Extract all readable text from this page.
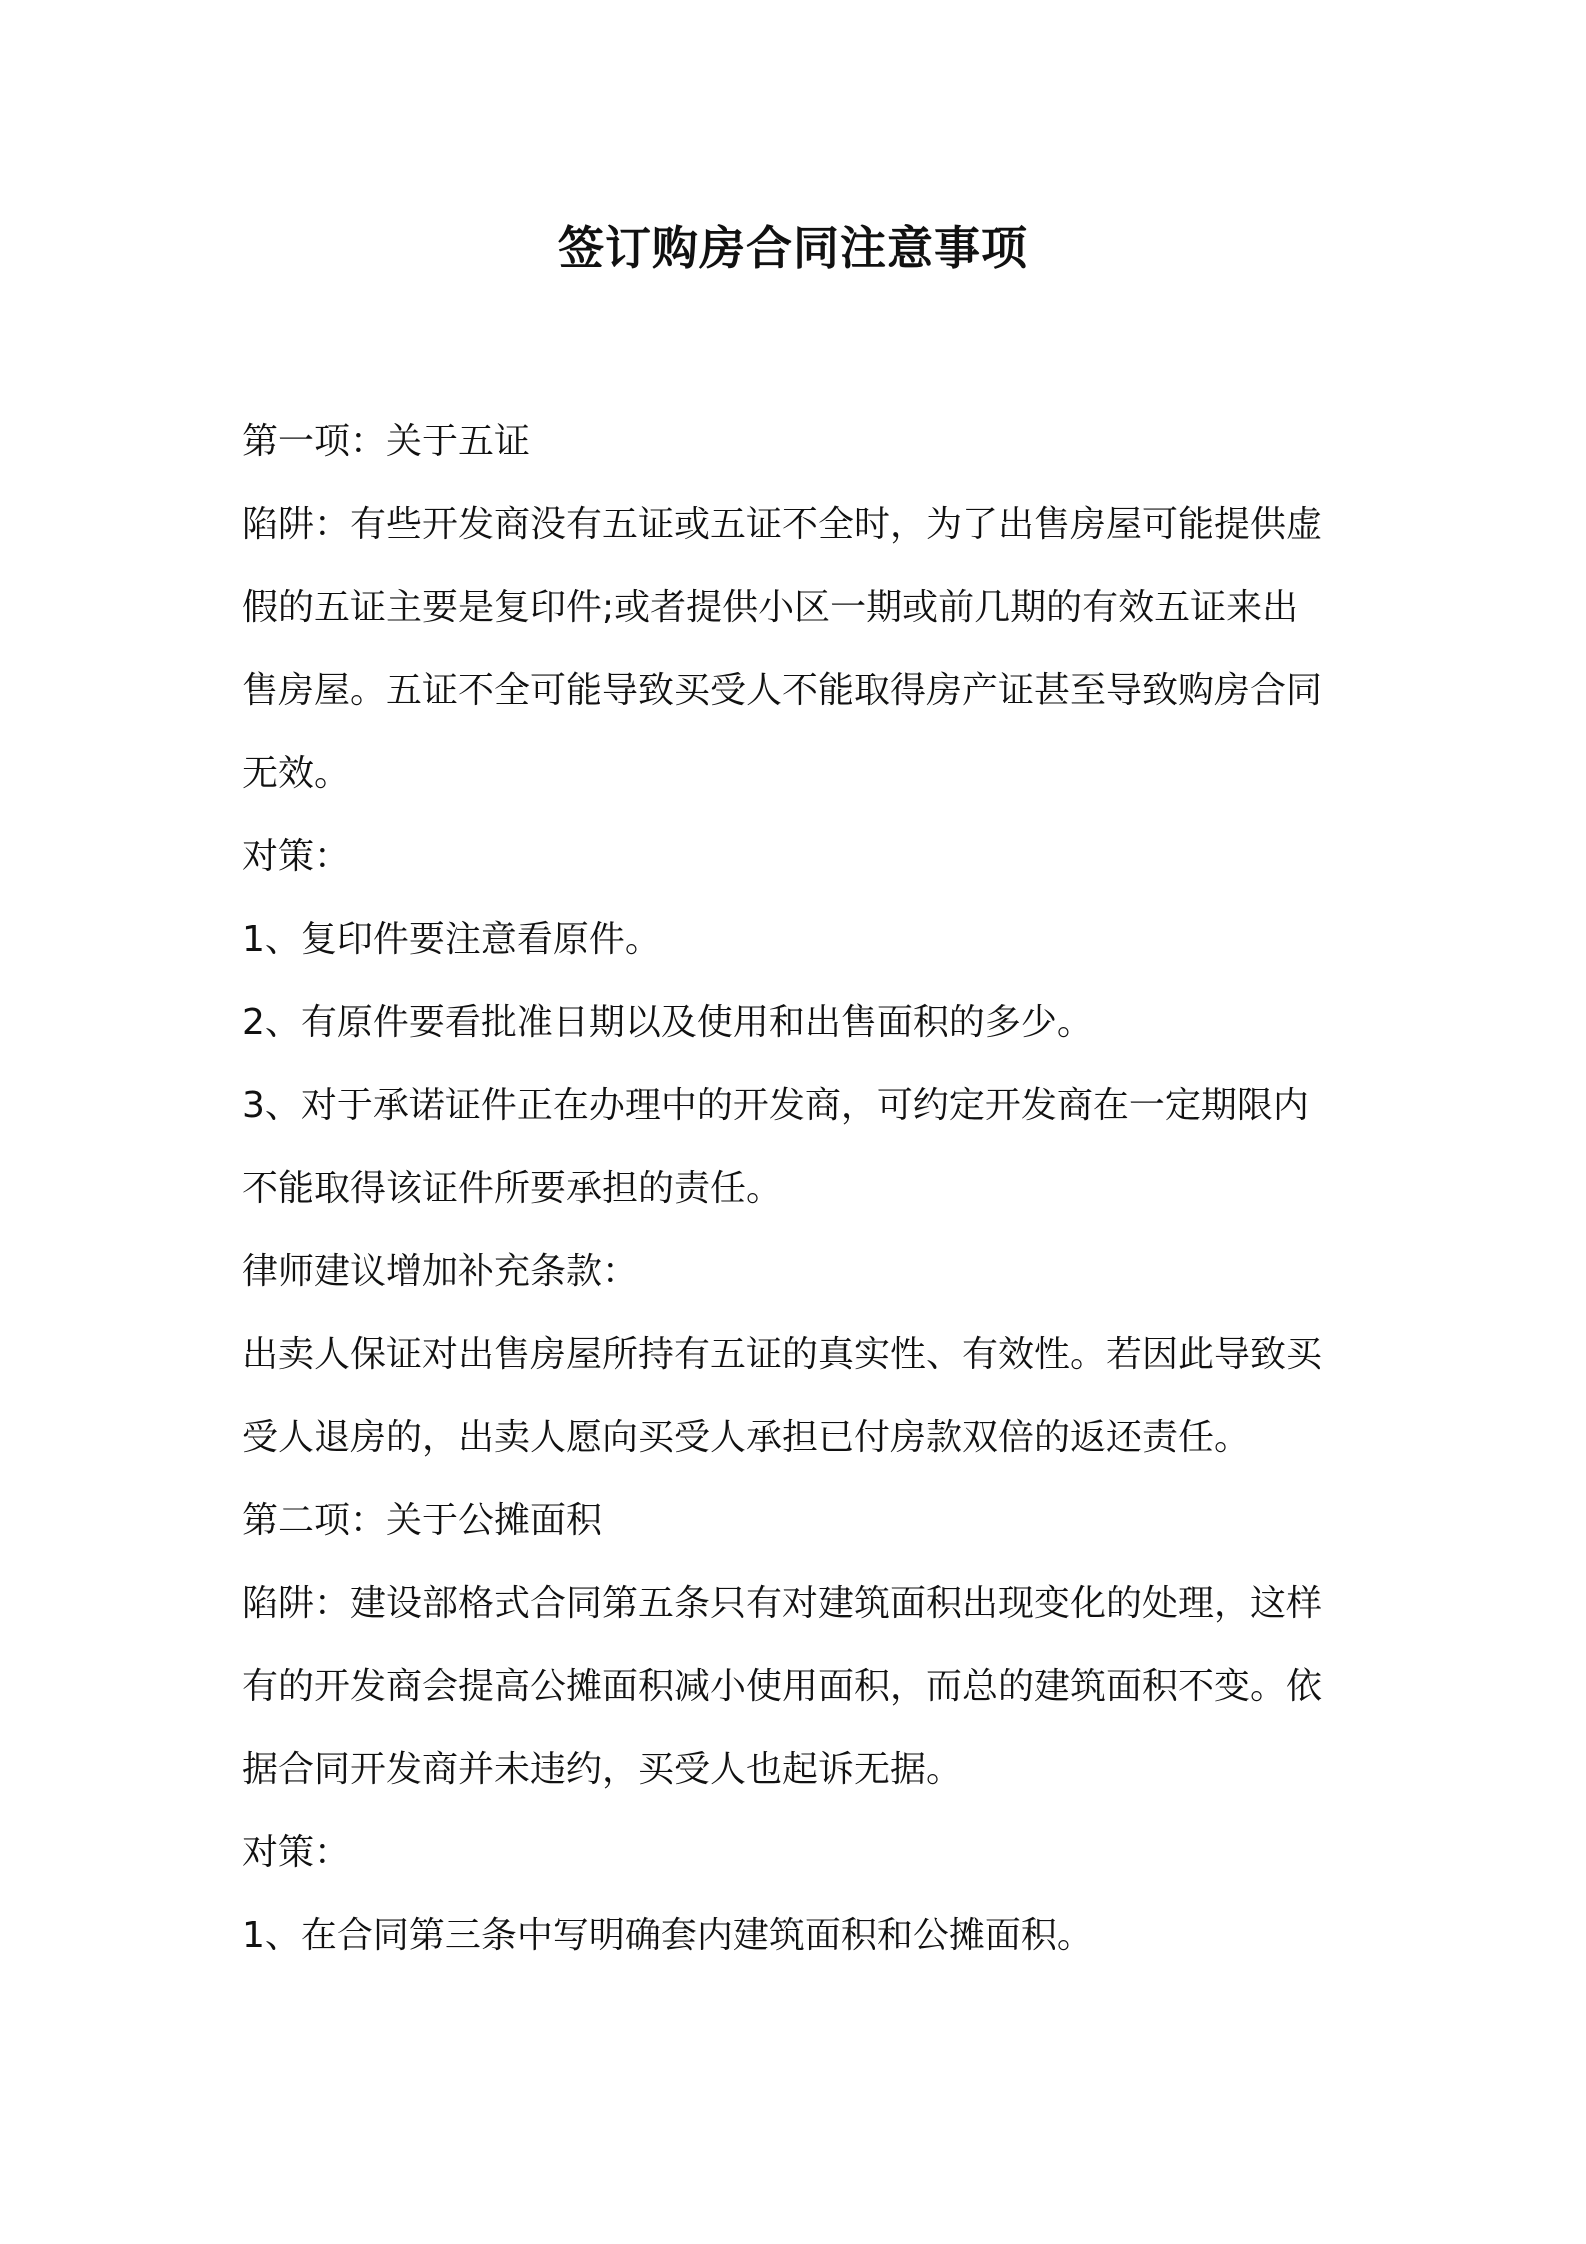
签订购房合同注意事项

第一项：关于五证

陷阱：有些开发商没有五证或五证不全时，为了出售房屋可能提供虚

假的五证主要是复印件;或者提供小区一期或前几期的有效五证来出

售房屋。五证不全可能导致买受人不能取得房产证甚至导致购房合同

无效。

对策：

1、复印件要注意看原件。

2、有原件要看批准日期以及使用和出售面积的多少。

3、对于承诺证件正在办理中的开发商，可约定开发商在一定期限内

不能取得该证件所要承担的责任。

律师建议增加补充条款：

出卖人保证对出售房屋所持有五证的真实性、有效性。若因此导致买

受人退房的，出卖人愿向买受人承担已付房款双倍的返还责任。

第二项：关于公摊面积

陷阱：建设部格式合同第五条只有对建筑面积出现变化的处理，这样

有的开发商会提高公摊面积减小使用面积，而总的建筑面积不变。依

据合同开发商并未违约，买受人也起诉无据。

对策：

1、在合同第三条中写明确套内建筑面积和公摊面积。
